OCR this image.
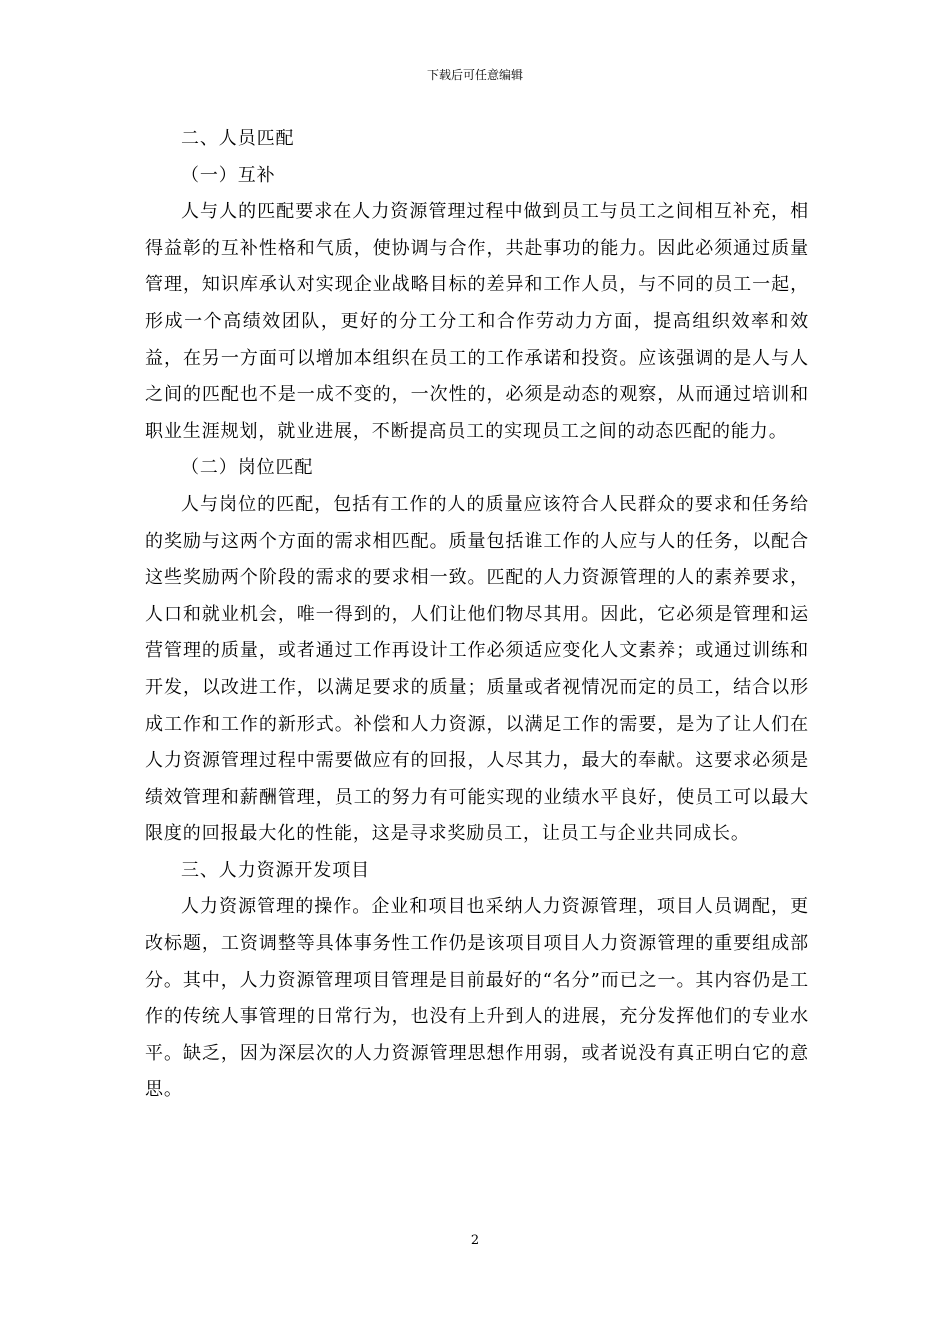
下载后可任意编辑

二、人员匹配

（一）互补

人与人的匹配要求在人力资源管理过程中做到员工与员工之间相互补充，相得益彰的互补性格和气质，使协调与合作，共赴事功的能力。因此必须通过质量管理，知识库承认对实现企业战略目标的差异和工作人员，与不同的员工一起，形成一个高绩效团队，更好的分工分工和合作劳动力方面，提高组织效率和效益，在另一方面可以增加本组织在员工的工作承诺和投资。应该强调的是人与人之间的匹配也不是一成不变的，一次性的，必须是动态的观察，从而通过培训和职业生涯规划，就业进展，不断提高员工的实现员工之间的动态匹配的能力。

（二）岗位匹配

人与岗位的匹配，包括有工作的人的质量应该符合人民群众的要求和任务给的奖励与这两个方面的需求相匹配。质量包括谁工作的人应与人的任务，以配合这些奖励两个阶段的需求的要求相一致。匹配的人力资源管理的人的素养要求，人口和就业机会，唯一得到的，人们让他们物尽其用。因此，它必须是管理和运营管理的质量，或者通过工作再设计工作必须适应变化人文素养；或通过训练和开发，以改进工作，以满足要求的质量；质量或者视情况而定的员工，结合以形成工作和工作的新形式。补偿和人力资源，以满足工作的需要，是为了让人们在人力资源管理过程中需要做应有的回报，人尽其力，最大的奉献。这要求必须是绩效管理和薪酬管理，员工的努力有可能实现的业绩水平良好，使员工可以最大限度的回报最大化的性能，这是寻求奖励员工，让员工与企业共同成长。

三、人力资源开发项目

人力资源管理的操作。企业和项目也采纳人力资源管理，项目人员调配，更改标题，工资调整等具体事务性工作仍是该项目项目人力资源管理的重要组成部分。其中，人力资源管理项目管理是目前最好的“名分”而已之一。其内容仍是工作的传统人事管理的日常行为，也没有上升到人的进展，充分发挥他们的专业水平。缺乏，因为深层次的人力资源管理思想作用弱，或者说没有真正明白它的意思。

2
